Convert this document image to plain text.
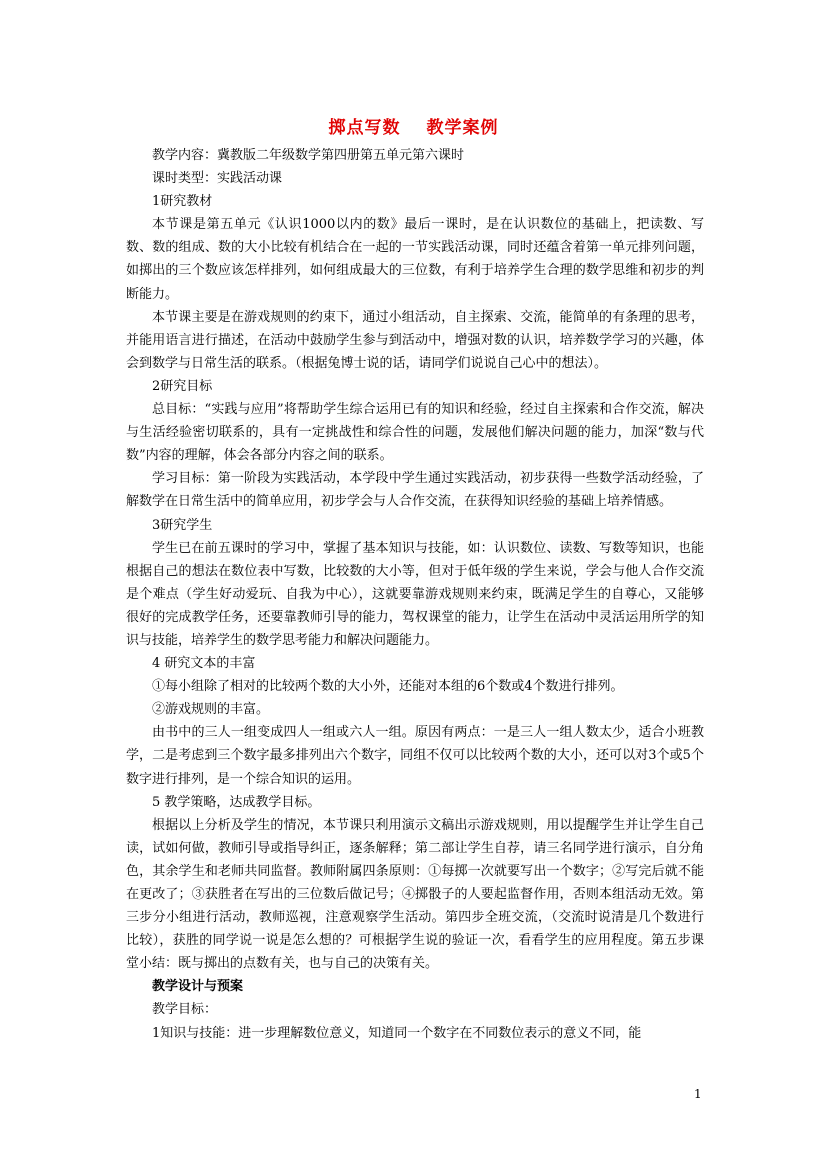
掷点写数 教学案例

教学内容：冀教版二年级数学第四册第五单元第六课时

课时类型：实践活动课

1研究教材

本节课是第五单元《认识1000以内的数》最后一课时，是在认识数位的基础上，把读数、写数、数的组成、数的大小比较有机结合在一起的一节实践活动课，同时还蕴含着第一单元排列问题，如掷出的三个数应该怎样排列，如何组成最大的三位数，有利于培养学生合理的数学思维和初步的判断能力。

本节课主要是在游戏规则的约束下，通过小组活动，自主探索、交流，能简单的有条理的思考，并能用语言进行描述，在活动中鼓励学生参与到活动中，增强对数的认识，培养数学学习的兴趣，体会到数学与日常生活的联系。（根据兔博士说的话，请同学们说说自己心中的想法）。

2研究目标

总目标：“实践与应用”将帮助学生综合运用已有的知识和经验，经过自主探索和合作交流，解决与生活经验密切联系的，具有一定挑战性和综合性的问题，发展他们解决问题的能力，加深“数与代数”内容的理解，体会各部分内容之间的联系。

学习目标：第一阶段为实践活动，本学段中学生通过实践活动，初步获得一些数学活动经验，了解数学在日常生活中的简单应用，初步学会与人合作交流，在获得知识经验的基础上培养情感。

3研究学生

学生已在前五课时的学习中，掌握了基本知识与技能，如：认识数位、读数、写数等知识，也能根据自己的想法在数位表中写数，比较数的大小等，但对于低年级的学生来说，学会与他人合作交流是个难点（学生好动爱玩、自我为中心），这就要靠游戏规则来约束，既满足学生的自尊心，又能够很好的完成教学任务，还要靠教师引导的能力，驾权课堂的能力，让学生在活动中灵活运用所学的知识与技能，培养学生的数学思考能力和解决问题能力。

4 研究文本的丰富

①每小组除了相对的比较两个数的大小外，还能对本组的6个数或4个数进行排列。

②游戏规则的丰富。

由书中的三人一组变成四人一组或六人一组。原因有两点：一是三人一组人数太少，适合小班教学，二是考虑到三个数字最多排列出六个数字，同组不仅可以比较两个数的大小，还可以对3个或5个数字进行排列，是一个综合知识的运用。

5 教学策略，达成教学目标。

根据以上分析及学生的情况，本节课只利用演示文稿出示游戏规则，用以提醒学生并让学生自己读，试如何做，教师引导或指导纠正，逐条解释；第二部让学生自荐，请三名同学进行演示，自分角色，其余学生和老师共同监督。教师附属四条原则：①每掷一次就要写出一个数字；②写完后就不能在更改了；③获胜者在写出的三位数后做记号；④掷骰子的人要起监督作用，否则本组活动无效。第三步分小组进行活动，教师巡视，注意观察学生活动。第四步全班交流，（交流时说清是几个数进行比较），获胜的同学说一说是怎么想的？可根据学生说的验证一次，看看学生的应用程度。第五步课堂小结：既与掷出的点数有关，也与自己的决策有关。

教学设计与预案

教学目标：

1知识与技能：进一步理解数位意义，知道同一个数字在不同数位表示的意义不同，能

1
